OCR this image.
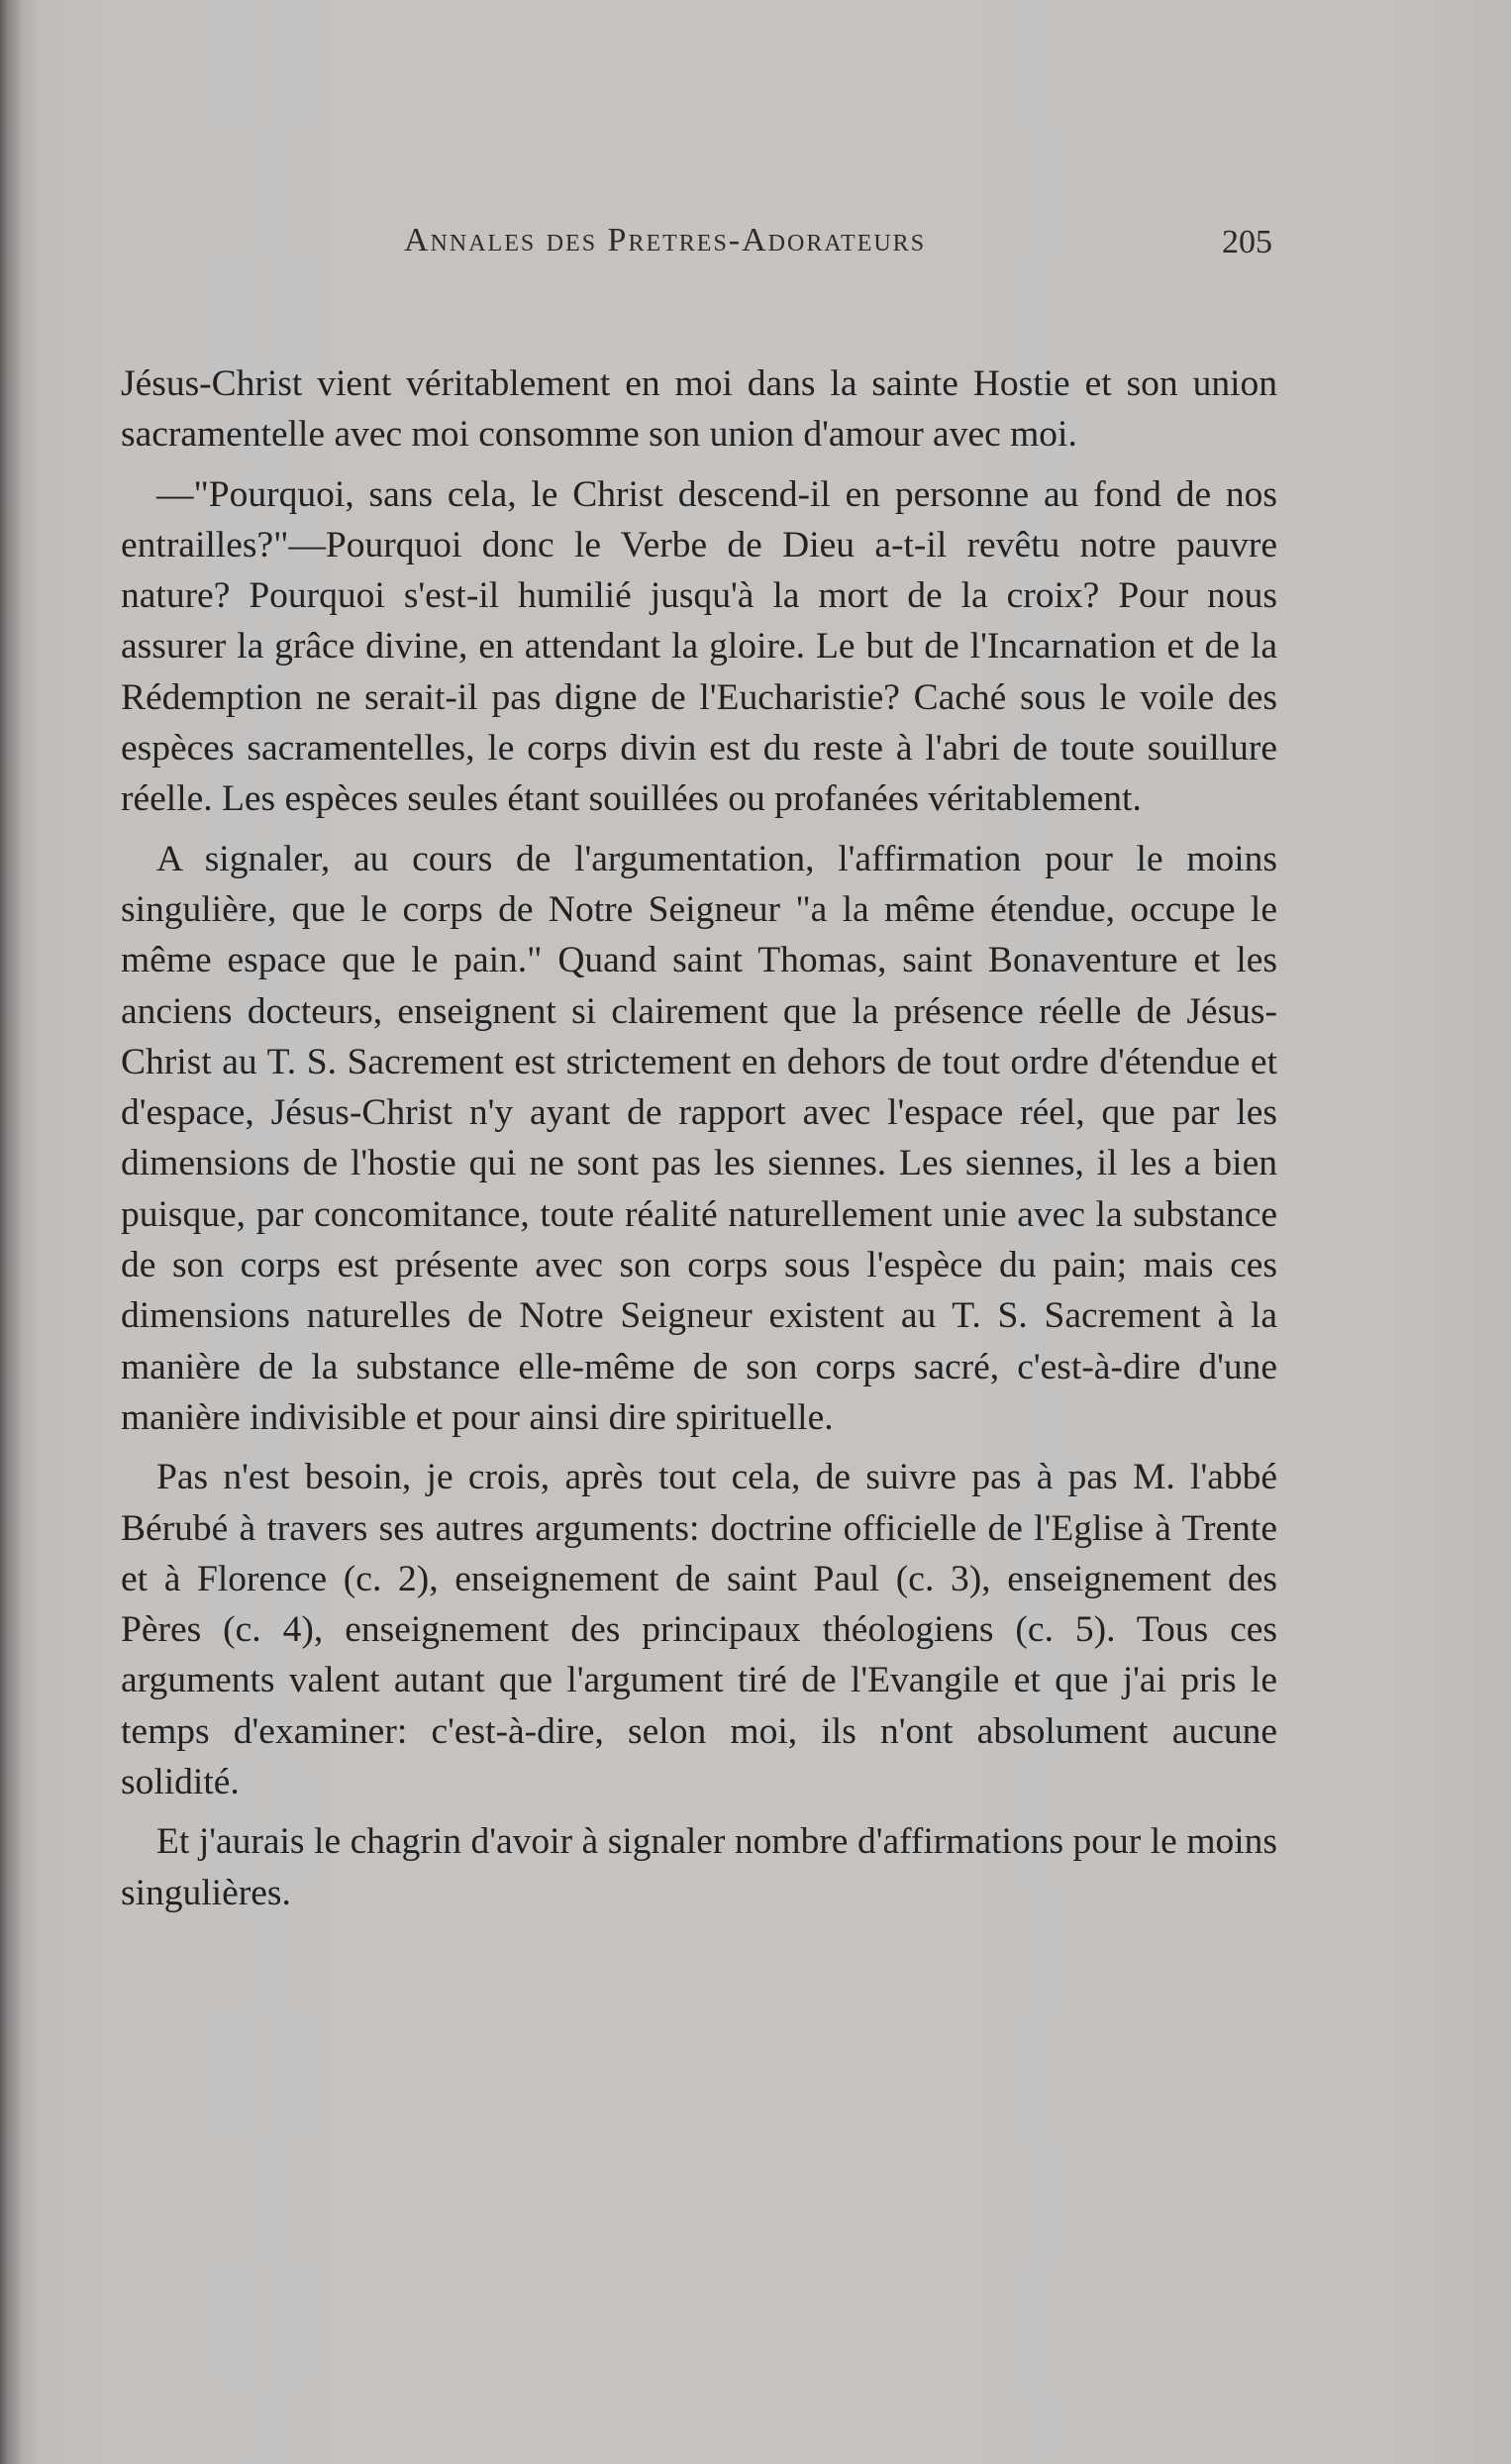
Annales des Pretres-Adorateurs	205

Jésus-Christ vient véritablement en moi dans la sainte Hostie et son union sacramentelle avec moi consomme son union d'amour avec moi.

—"Pourquoi, sans cela, le Christ descend-il en personne au fond de nos entrailles?"—Pourquoi donc le Verbe de Dieu a-t-il revêtu notre pauvre nature? Pourquoi s'est-il humilié jusqu'à la mort de la croix? Pour nous assurer la grâce divine, en attendant la gloire. Le but de l'Incarnation et de la Rédemption ne serait-il pas digne de l'Eucharistie? Caché sous le voile des espèces sacramentelles, le corps divin est du reste à l'abri de toute souillure réelle. Les espèces seules étant souillées ou profanées véritablement.

A signaler, au cours de l'argumentation, l'affirmation pour le moins singulière, que le corps de Notre Seigneur "a la même étendue, occupe le même espace que le pain." Quand saint Thomas, saint Bonaventure et les anciens docteurs, enseignent si clairement que la présence réelle de Jésus-Christ au T. S. Sacrement est strictement en dehors de tout ordre d'étendue et d'espace, Jésus-Christ n'y ayant de rapport avec l'espace réel, que par les dimensions de l'hostie qui ne sont pas les siennes. Les siennes, il les a bien puisque, par concomitance, toute réalité naturellement unie avec la substance de son corps est présente avec son corps sous l'espèce du pain; mais ces dimensions naturelles de Notre Seigneur existent au T. S. Sacrement à la manière de la substance elle-même de son corps sacré, c'est-à-dire d'une manière indivisible et pour ainsi dire spirituelle.

Pas n'est besoin, je crois, après tout cela, de suivre pas à pas M. l'abbé Bérubé à travers ses autres arguments: doctrine officielle de l'Eglise à Trente et à Florence (c. 2), enseignement de saint Paul (c. 3), enseignement des Pères (c. 4), enseignement des principaux théologiens (c. 5). Tous ces arguments valent autant que l'argument tiré de l'Evangile et que j'ai pris le temps d'examiner: c'est-à-dire, selon moi, ils n'ont absolument aucune solidité.

Et j'aurais le chagrin d'avoir à signaler nombre d'affirmations pour le moins singulières.
